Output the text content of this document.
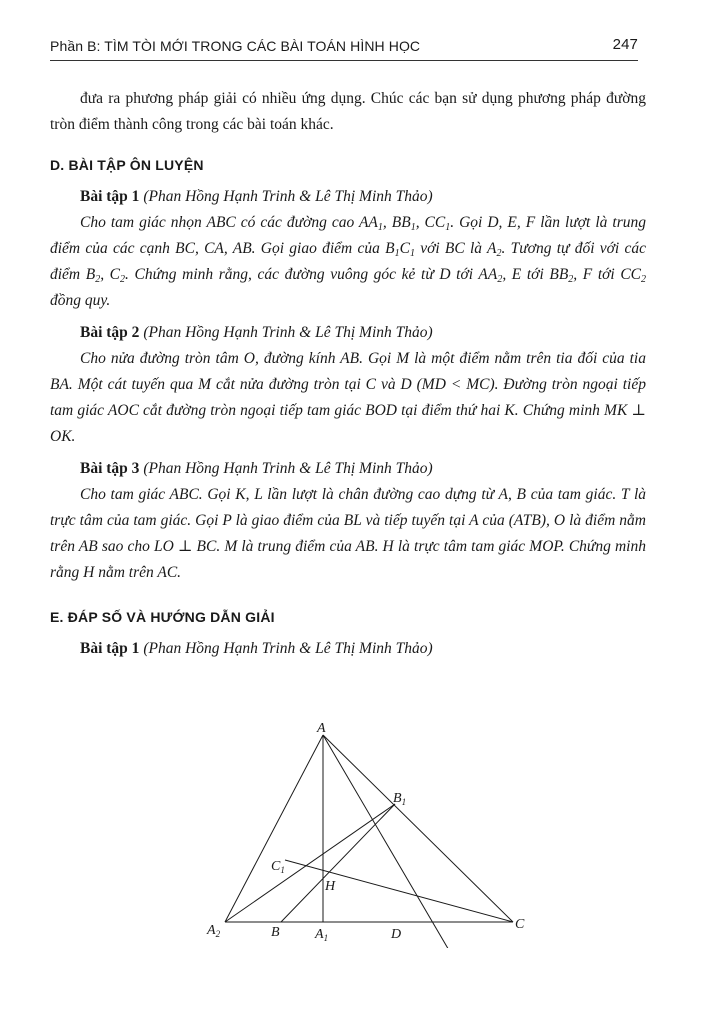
Phần B: TÌM TÒI MỚI TRONG CÁC BÀI TOÁN HÌNH HỌC	247

đưa ra phương pháp giải có nhiều ứng dụng. Chúc các bạn sử dụng phương pháp đường tròn điểm thành công trong các bài toán khác.

D. BÀI TẬP ÔN LUYỆN

Bài tập 1 (Phan Hồng Hạnh Trinh & Lê Thị Minh Thảo)

Cho tam giác nhọn ABC có các đường cao $AA_1$, $BB_1$, $CC_1$. Gọi D, E, F lần lượt là trung điểm của các cạnh BC, CA, AB. Gọi giao điểm của $B_1C_1$ với BC là $A_2$. Tương tự đối với các điểm $B_2$, $C_2$. Chứng minh rằng, các đường vuông góc kẻ từ D tới $AA_2$, E tới $BB_2$, F tới $CC_2$ đồng quy.

Bài tập 2 (Phan Hồng Hạnh Trinh & Lê Thị Minh Thảo)

Cho nửa đường tròn tâm O, đường kính AB. Gọi M là một điểm nằm trên tia đối của tia BA. Một cát tuyến qua M cắt nửa đường tròn tại C và D (MD < MC). Đường tròn ngoại tiếp tam giác AOC cắt đường tròn ngoại tiếp tam giác BOD tại điểm thứ hai K. Chứng minh MK ⊥ OK.

Bài tập 3 (Phan Hồng Hạnh Trinh & Lê Thị Minh Thảo)

Cho tam giác ABC. Gọi K, L lần lượt là chân đường cao dựng từ A, B của tam giác. T là trực tâm của tam giác. Gọi P là giao điểm của BL và tiếp tuyến tại A của (ATB), O là điểm nằm trên AB sao cho LO ⊥ BC. M là trung điểm của AB. H là trực tâm tam giác MOP. Chứng minh rằng H nằm trên AC.

E. ĐÁP SỐ VÀ HƯỚNG DẪN GIẢI

Bài tập 1 (Phan Hồng Hạnh Trinh & Lê Thị Minh Thảo)

A
$B_1$
$C_1$
H
$A_2$	B	$A_1$	D
C
